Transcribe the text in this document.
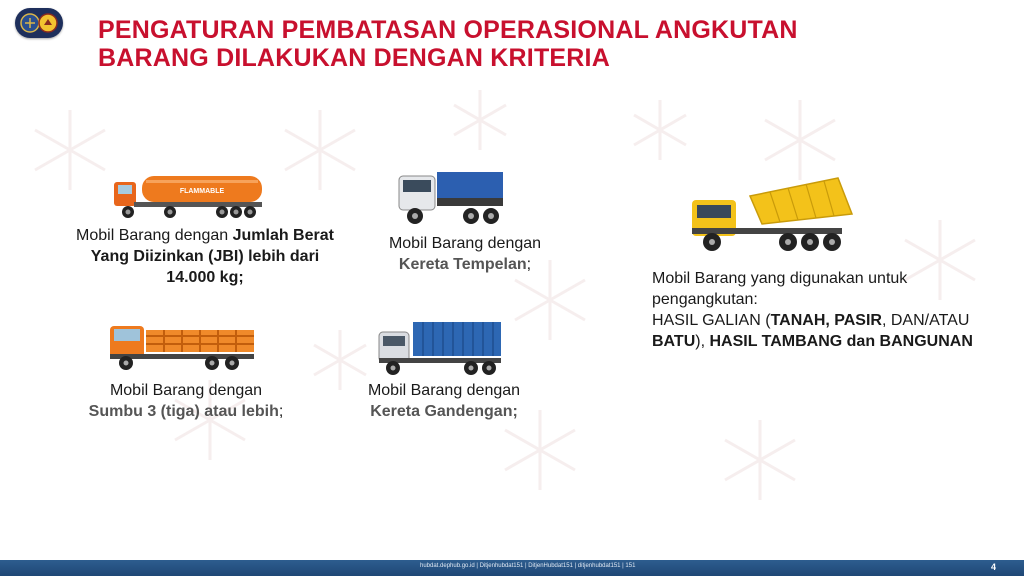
PENGATURAN PEMBATASAN OPERASIONAL ANGKUTAN BARANG DILAKUKAN DENGAN KRITERIA
FLAMMABLE
Mobil Barang dengan Jumlah Berat Yang Diizinkan (JBI) lebih dari 14.000 kg;
Mobil Barang dengan
Kereta Tempelan;
Mobil Barang dengan
Sumbu 3 (tiga) atau lebih;
Mobil Barang dengan
Kereta Gandengan;
Mobil Barang yang digunakan untuk
pengangkutan:
HASIL GALIAN (TANAH, PASIR, DAN/ATAU BATU), HASIL TAMBANG dan BANGUNAN
hubdat.dephub.go.id | Ditjenhubdat151 | DitjenHubdat151 | ditjenhubdat151 | 151	4
